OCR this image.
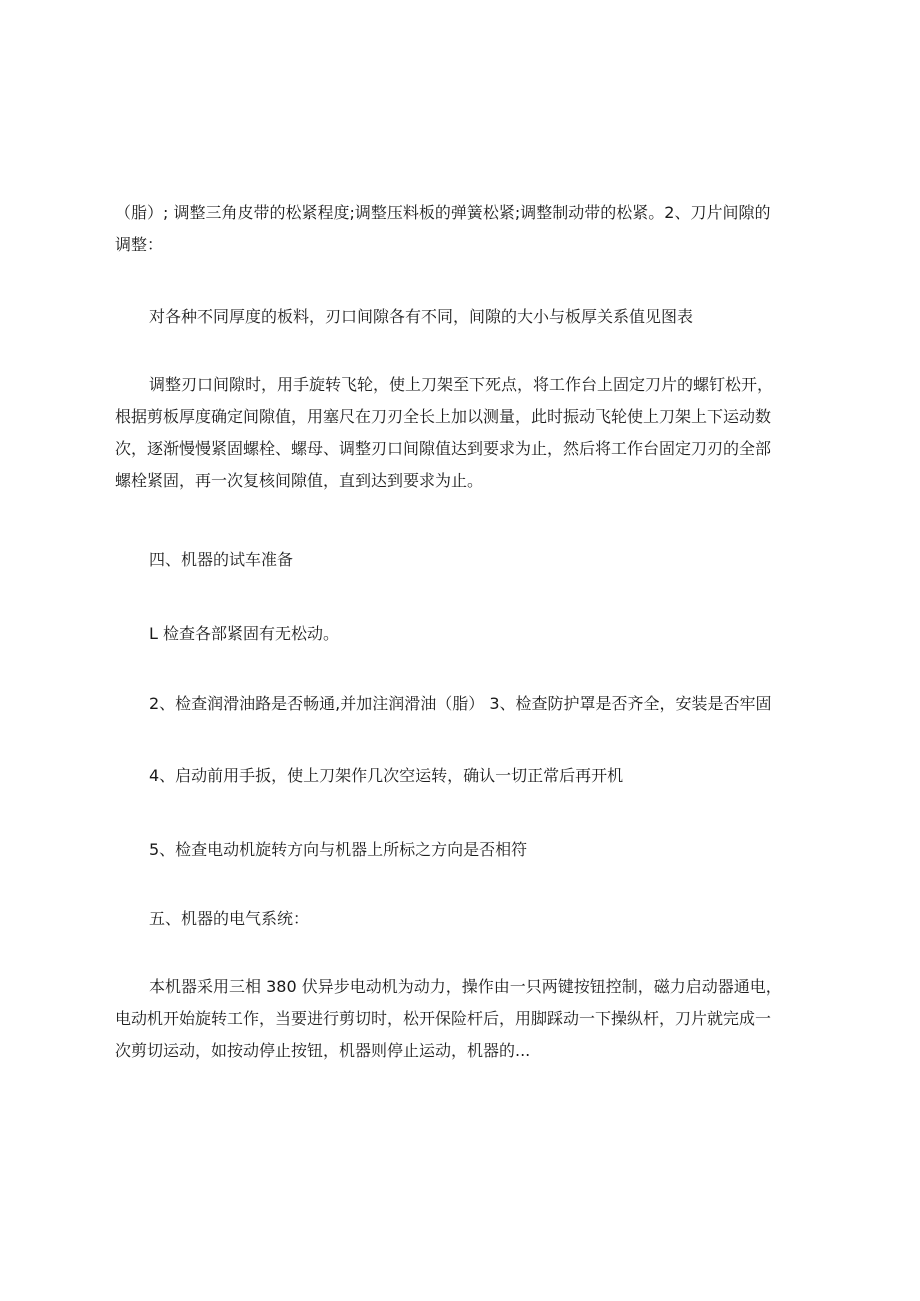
（脂）; 调整三角皮带的松紧程度;调整压料板的弹簧松紧;调整制动带的松紧。2、刀片间隙的
调整：

对各种不同厚度的板料，刃口间隙各有不同，间隙的大小与板厚关系值见图表

调整刃口间隙时，用手旋转飞轮，使上刀架至下死点，将工作台上固定刀片的螺钉松开，
根据剪板厚度确定间隙值，用塞尺在刀刃全长上加以测量，此时振动飞轮使上刀架上下运动数
次，逐渐慢慢紧固螺栓、螺母、调整刃口间隙值达到要求为止，然后将工作台固定刀刃的全部
螺栓紧固，再一次复核间隙值，直到达到要求为止。

四、机器的试车准备

L 检查各部紧固有无松动。

2、检查润滑油路是否畅通,并加注润滑油（脂） 3、检查防护罩是否齐全，安装是否牢固

4、启动前用手扳，使上刀架作几次空运转，确认一切正常后再开机

5、检查电动机旋转方向与机器上所标之方向是否相符

五、机器的电气系统：

本机器采用三相 380 伏异步电动机为动力，操作由一只两键按钮控制，磁力启动器通电，
电动机开始旋转工作，当要进行剪切时，松开保险杆后，用脚踩动一下操纵杆，刀片就完成一
次剪切运动，如按动停止按钮，机器则停止运动，机器的...
